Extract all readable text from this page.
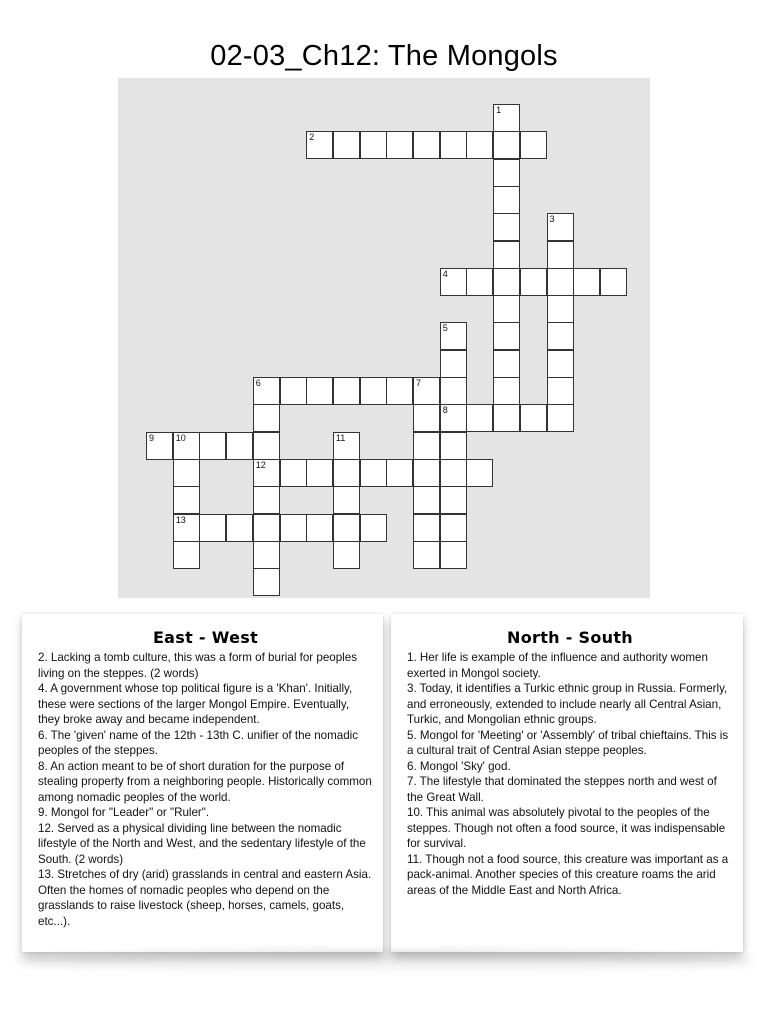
02-03_Ch12: The Mongols
1
2
3
4
5
8
6
12
7
9 10
13
11
East - West
2. Lacking a tomb culture, this was a form of burial for peoples living on the steppes. (2 words)
4. A government whose top political figure is a 'Khan'. Initially, these were sections of the larger Mongol Empire. Eventually, they broke away and became independent.
6. The 'given' name of the 12th - 13th C. unifier of the nomadic peoples of the steppes.
8. An action meant to be of short duration for the purpose of stealing property from a neighboring people. Historically common among nomadic peoples of the world.
9. Mongol for "Leader" or "Ruler".
12. Served as a physical dividing line between the nomadic lifestyle of the North and West, and the sedentary lifestyle of the South. (2 words)
13. Stretches of dry (arid) grasslands in central and eastern Asia. Often the homes of nomadic peoples who depend on the grasslands to raise livestock (sheep, horses, camels, goats, etc...).
North - South
1. Her life is example of the influence and authority women exerted in Mongol society.
3. Today, it identifies a Turkic ethnic group in Russia. Formerly, and erroneously, extended to include nearly all Central Asian, Turkic, and Mongolian ethnic groups.
5. Mongol for 'Meeting' or 'Assembly' of tribal chieftains. This is a cultural trait of Central Asian steppe peoples.
6. Mongol 'Sky' god.
7. The lifestyle that dominated the steppes north and west of the Great Wall.
10. This animal was absolutely pivotal to the peoples of the steppes. Though not often a food source, it was indispensable for survival.
11. Though not a food source, this creature was important as a pack-animal. Another species of this creature roams the arid areas of the Middle East and North Africa.
